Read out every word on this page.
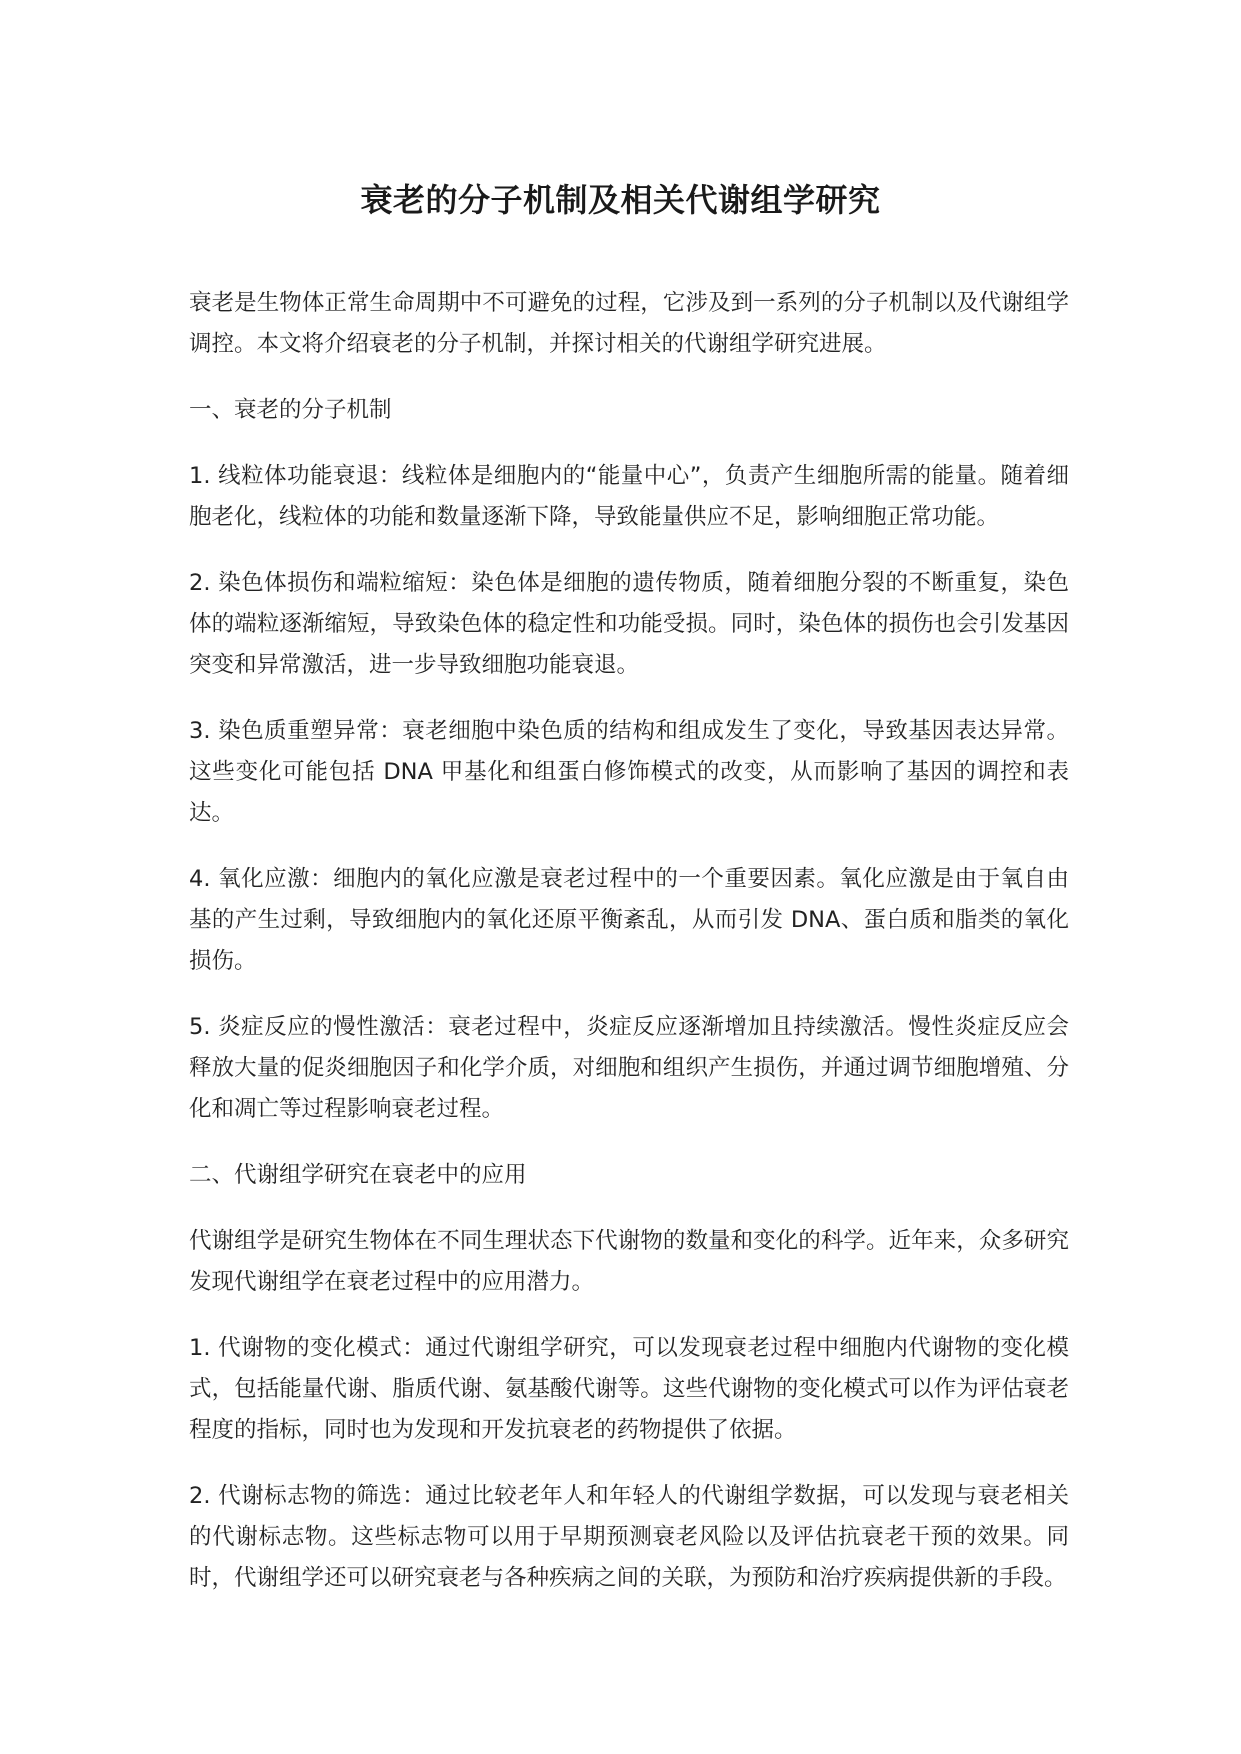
衰老的分子机制及相关代谢组学研究

衰老是生物体正常生命周期中不可避免的过程，它涉及到一系列的分子机制以及代谢组学调控。本文将介绍衰老的分子机制，并探讨相关的代谢组学研究进展。

一、衰老的分子机制

1. 线粒体功能衰退：线粒体是细胞内的“能量中心”，负责产生细胞所需的能量。随着细胞老化，线粒体的功能和数量逐渐下降，导致能量供应不足，影响细胞正常功能。

2. 染色体损伤和端粒缩短：染色体是细胞的遗传物质，随着细胞分裂的不断重复，染色体的端粒逐渐缩短，导致染色体的稳定性和功能受损。同时，染色体的损伤也会引发基因突变和异常激活，进一步导致细胞功能衰退。

3. 染色质重塑异常：衰老细胞中染色质的结构和组成发生了变化，导致基因表达异常。这些变化可能包括 DNA 甲基化和组蛋白修饰模式的改变，从而影响了基因的调控和表达。

4. 氧化应激：细胞内的氧化应激是衰老过程中的一个重要因素。氧化应激是由于氧自由基的产生过剩，导致细胞内的氧化还原平衡紊乱，从而引发 DNA、蛋白质和脂类的氧化损伤。

5. 炎症反应的慢性激活：衰老过程中，炎症反应逐渐增加且持续激活。慢性炎症反应会释放大量的促炎细胞因子和化学介质，对细胞和组织产生损伤，并通过调节细胞增殖、分化和凋亡等过程影响衰老过程。

二、代谢组学研究在衰老中的应用

代谢组学是研究生物体在不同生理状态下代谢物的数量和变化的科学。近年来，众多研究发现代谢组学在衰老过程中的应用潜力。

1. 代谢物的变化模式：通过代谢组学研究，可以发现衰老过程中细胞内代谢物的变化模式，包括能量代谢、脂质代谢、氨基酸代谢等。这些代谢物的变化模式可以作为评估衰老程度的指标，同时也为发现和开发抗衰老的药物提供了依据。

2. 代谢标志物的筛选：通过比较老年人和年轻人的代谢组学数据，可以发现与衰老相关的代谢标志物。这些标志物可以用于早期预测衰老风险以及评估抗衰老干预的效果。同时，代谢组学还可以研究衰老与各种疾病之间的关联，为预防和治疗疾病提供新的手段。
